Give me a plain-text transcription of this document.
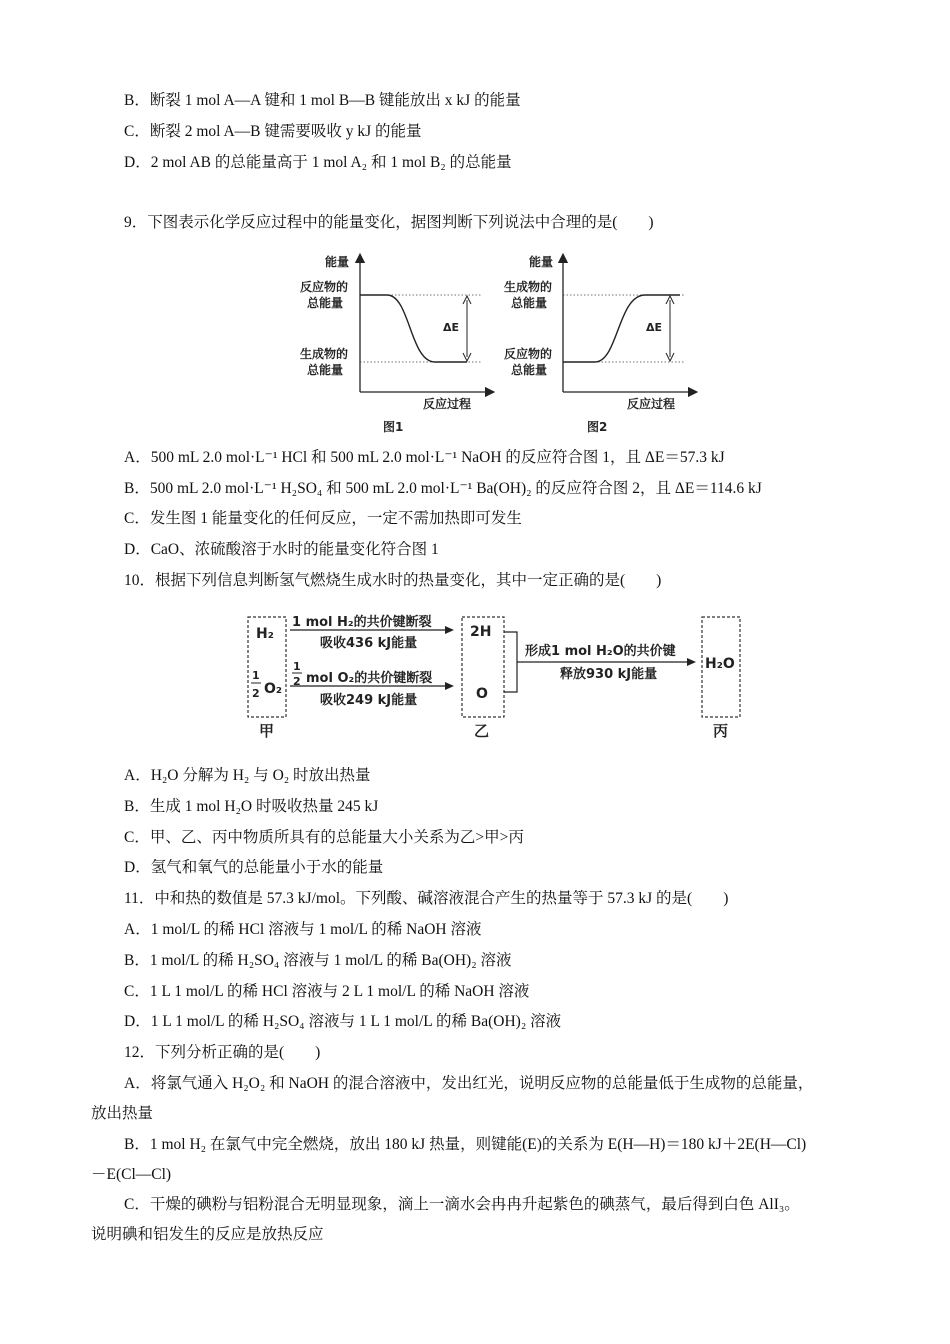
B．断裂 1 mol A—A 键和 1 mol B—B 键能放出 x kJ 的能量
C．断裂 2 mol A—B 键需要吸收 y kJ 的能量
D．2 mol AB 的总能量高于 1 mol A₂ 和 1 mol B₂ 的总能量
9．下图表示化学反应过程中的能量变化，据图判断下列说法中合理的是(　　)
能量
反应物的
总能量
生成物的
总能量
ΔE
反应过程
图1
能量
生成物的
总能量
反应物的
总能量
ΔE
反应过程
图2
A．500 mL 2.0 mol·L⁻¹ HCl 和 500 mL 2.0 mol·L⁻¹ NaOH 的反应符合图 1，且 ΔE＝57.3 kJ
B．500 mL 2.0 mol·L⁻¹ H₂SO₄ 和 500 mL 2.0 mol·L⁻¹ Ba(OH)₂ 的反应符合图 2，且 ΔE＝114.6 kJ
C．发生图 1 能量变化的任何反应，一定不需加热即可发生
D．CaO、浓硫酸溶于水时的能量变化符合图 1
10．根据下列信息判断氢气燃烧生成水时的热量变化，其中一定正确的是(　　)
H₂
1
2 O₂
甲
1 mol H₂的共价键断裂
吸收436 kJ能量
1
2 mol O₂的共价键断裂
吸收249 kJ能量
2H
O
乙
形成1 mol H₂O的共价键
释放930 kJ能量
H₂O
丙
A．H₂O 分解为 H₂ 与 O₂ 时放出热量
B．生成 1 mol H₂O 时吸收热量 245 kJ
C．甲、乙、丙中物质所具有的总能量大小关系为乙>甲>丙
D．氢气和氧气的总能量小于水的能量
11．中和热的数值是 57.3 kJ/mol。下列酸、碱溶液混合产生的热量等于 57.3 kJ 的是(　　)
A．1 mol/L 的稀 HCl 溶液与 1 mol/L 的稀 NaOH 溶液
B．1 mol/L 的稀 H₂SO₄ 溶液与 1 mol/L 的稀 Ba(OH)₂ 溶液
C．1 L 1 mol/L 的稀 HCl 溶液与 2 L 1 mol/L 的稀 NaOH 溶液
D．1 L 1 mol/L 的稀 H₂SO₄ 溶液与 1 L 1 mol/L 的稀 Ba(OH)₂ 溶液
12．下列分析正确的是(　　)
A．将氯气通入 H₂O₂ 和 NaOH 的混合溶液中，发出红光，说明反应物的总能量低于生成物的总能量，
放出热量
B．1 mol H₂ 在氯气中完全燃烧，放出 180 kJ 热量，则键能(E)的关系为 E(H—H)＝180 kJ＋2E(H—Cl)
－E(Cl—Cl)
C．干燥的碘粉与铝粉混合无明显现象，滴上一滴水会冉冉升起紫色的碘蒸气，最后得到白色 AlI₃。
说明碘和铝发生的反应是放热反应
